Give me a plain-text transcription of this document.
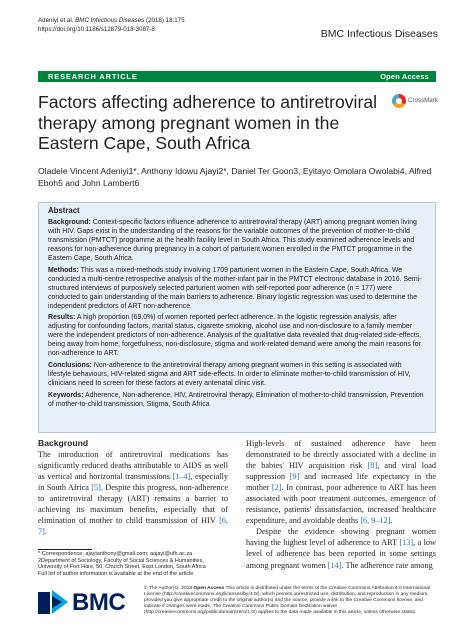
Adeniyi et al. BMC Infectious Diseases (2018) 18:175
https://doi.org/10.1186/s12879-018-3087-8	BMC Infectious Diseases
RESEARCH ARTICLE	Open Access
Factors affecting adherence to antiretroviral therapy among pregnant women in the Eastern Cape, South Africa
CrossMark
Oladele Vincent Adeniyi1*, Anthony Idowu Ajayi2*, Daniel Ter Goon3, Eyitayo Omolara Owolabi4, Alfred Eboh5 and John Lambert6
Abstract

Background: Context-specific factors influence adherence to antiretroviral therapy (ART) among pregnant women living with HIV. Gaps exist in the understanding of the reasons for the variable outcomes of the prevention of mother-to-child transmission (PMTCT) programme at the health facility level in South Africa. This study examined adherence levels and reasons for non-adherence during pregnancy in a cohort of parturient women enrolled in the PMTCT programme in the Eastern Cape, South Africa.

Methods: This was a mixed-methods study involving 1709 parturient women in the Eastern Cape, South Africa. We conducted a multi-centre retrospective analysis of the mother-infant pair in the PMTCT electronic database in 2016. Semi-structured interviews of purposively selected parturient women with self-reported poor adherence (n = 177) were conducted to gain understanding of the main barriers to adherence. Binary logistic regression was used to determine the independent predictors of ART non-adherence.

Results: A high proportion (69.0%) of women reported perfect adherence. In the logistic regression analysis, after adjusting for confounding factors, marital status, cigarette smoking, alcohol use and non-disclosure to a family member were the independent predictors of non-adherence. Analysis of the qualitative data revealed that drug-related side-effects, being away from home, forgetfulness, non-disclosure, stigma and work-related demand were among the main reasons for non-adherence to ART.

Conclusions: Non-adherence to the antiretroviral therapy among pregnant women in this setting is associated with lifestyle behaviours, HIV-related stigma and ART side-effects. In order to eliminate mother-to-child transmission of HIV, clinicians need to screen for these factors at every antenatal clinic visit.

Keywords: Adherence, Non-adherence, HIV, Antiretroviral therapy, Elimination of mother-to-child transmission, Prevention of mother-to-child transmission, Stigma, South Africa

Background

The introduction of antiretroviral medications has significantly reduced deaths attributable to AIDS as well as vertical and horizontal transmissions [1–4], especially in South Africa [5]. Despite this progress, non-adherence to antiretroviral therapy (ART) remains a barrier to achieving its maximum benefits, especially that of elimination of mother to child transmission of HIV [6, 7].

High-levels of sustained adherence have been demonstrated to be directly associated with a decline in the babies' HIV acquisition risk [8], and viral load suppression [9] and increased life expectancy in the mother [2]. In contrast, poor adherence to ART has been associated with poor treatment outcomes, emergence of resistance, patients' dissatisfaction, increased healthcare expenditure, and avoidable deaths [6, 9–12].

Despite the evidence showing pregnant women having the highest level of adherence to ART [13], a low level of adherence has been reported in some settings among pregnant women [14]. The adherence rate among

* Correspondence: ajayianthony@gmail.com; aajayi@ufh.ac.za
2Department of Sociology, Faculty of Social Sciences & Humanities, University of Fort Hare, 50, Church Street, East London, South Africa
Full list of author information is available at the end of the article
BMC

© The Author(s). 2018 Open Access This article is distributed under the terms of the Creative Commons Attribution 4.0 International License (http://creativecommons.org/licenses/by/4.0/), which permits unrestricted use, distribution, and reproduction in any medium, provided you give appropriate credit to the original author(s) and the source, provide a link to the Creative Commons license, and indicate if changes were made. The Creative Commons Public Domain Dedication waiver (http://creativecommons.org/publicdomain/zero/1.0/) applies to the data made available in this article, unless otherwise stated.
